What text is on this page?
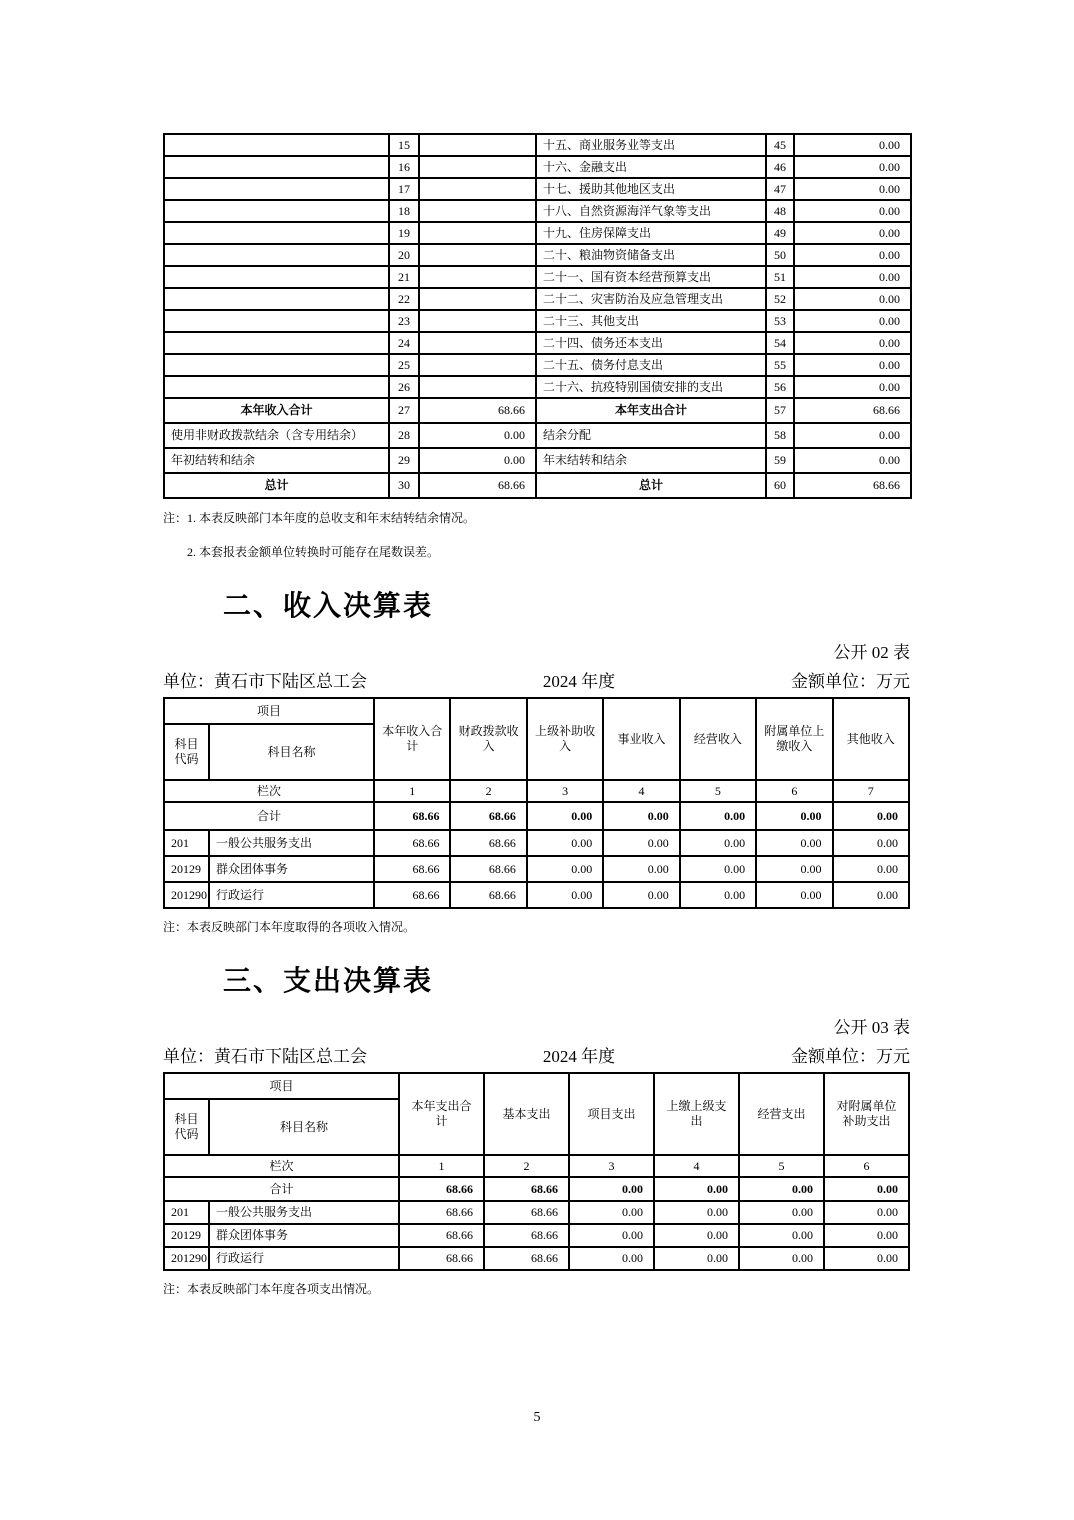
	15		十五、商业服务业等支出	45	0.00
	16		十六、金融支出	46	0.00
	17		十七、援助其他地区支出	47	0.00
	18		十八、自然资源海洋气象等支出	48	0.00
	19		十九、住房保障支出	49	0.00
	20		二十、粮油物资储备支出	50	0.00
	21		二十一、国有资本经营预算支出	51	0.00
	22		二十二、灾害防治及应急管理支出	52	0.00
	23		二十三、其他支出	53	0.00
	24		二十四、债务还本支出	54	0.00
	25		二十五、债务付息支出	55	0.00
	26		二十六、抗疫特别国债安排的支出	56	0.00
本年收入合计	27	68.66	本年支出合计	57	68.66
使用非财政拨款结余（含专用结余）	28	0.00	结余分配	58	0.00
年初结转和结余	29	0.00	年末结转和结余	59	0.00
总计	30	68.66	总计	60	68.66
注：1. 本表反映部门本年度的总收支和年末结转结余情况。
2. 本套报表金额单位转换时可能存在尾数误差。
二、收入决算表
公开 02 表
单位：黄石市下陆区总工会	2024 年度	金额单位：万元
项目		本年收入合计	财政拨款收入	上级补助收入	事业收入	经营收入	附属单位上缴收入	其他收入
科目代码	科目名称							
栏次		1	2	3	4	5	6	7
合计		68.66	68.66	0.00	0.00	0.00	0.00	0.00
201	一般公共服务支出	68.66	68.66	0.00	0.00	0.00	0.00	0.00
20129	群众团体事务	68.66	68.66	0.00	0.00	0.00	0.00	0.00
201290	行政运行	68.66	68.66	0.00	0.00	0.00	0.00	0.00
注：本表反映部门本年度取得的各项收入情况。
三、支出决算表
公开 03 表
单位：黄石市下陆区总工会	2024 年度	金额单位：万元
项目		本年支出合计	基本支出	项目支出	上缴上级支出	经营支出	对附属单位补助支出
科目代码	科目名称						
栏次		1	2	3	4	5	6
合计		68.66	68.66	0.00	0.00	0.00	0.00
201	一般公共服务支出	68.66	68.66	0.00	0.00	0.00	0.00
20129	群众团体事务	68.66	68.66	0.00	0.00	0.00	0.00
201290	行政运行	68.66	68.66	0.00	0.00	0.00	0.00
注：本表反映部门本年度各项支出情况。
5
